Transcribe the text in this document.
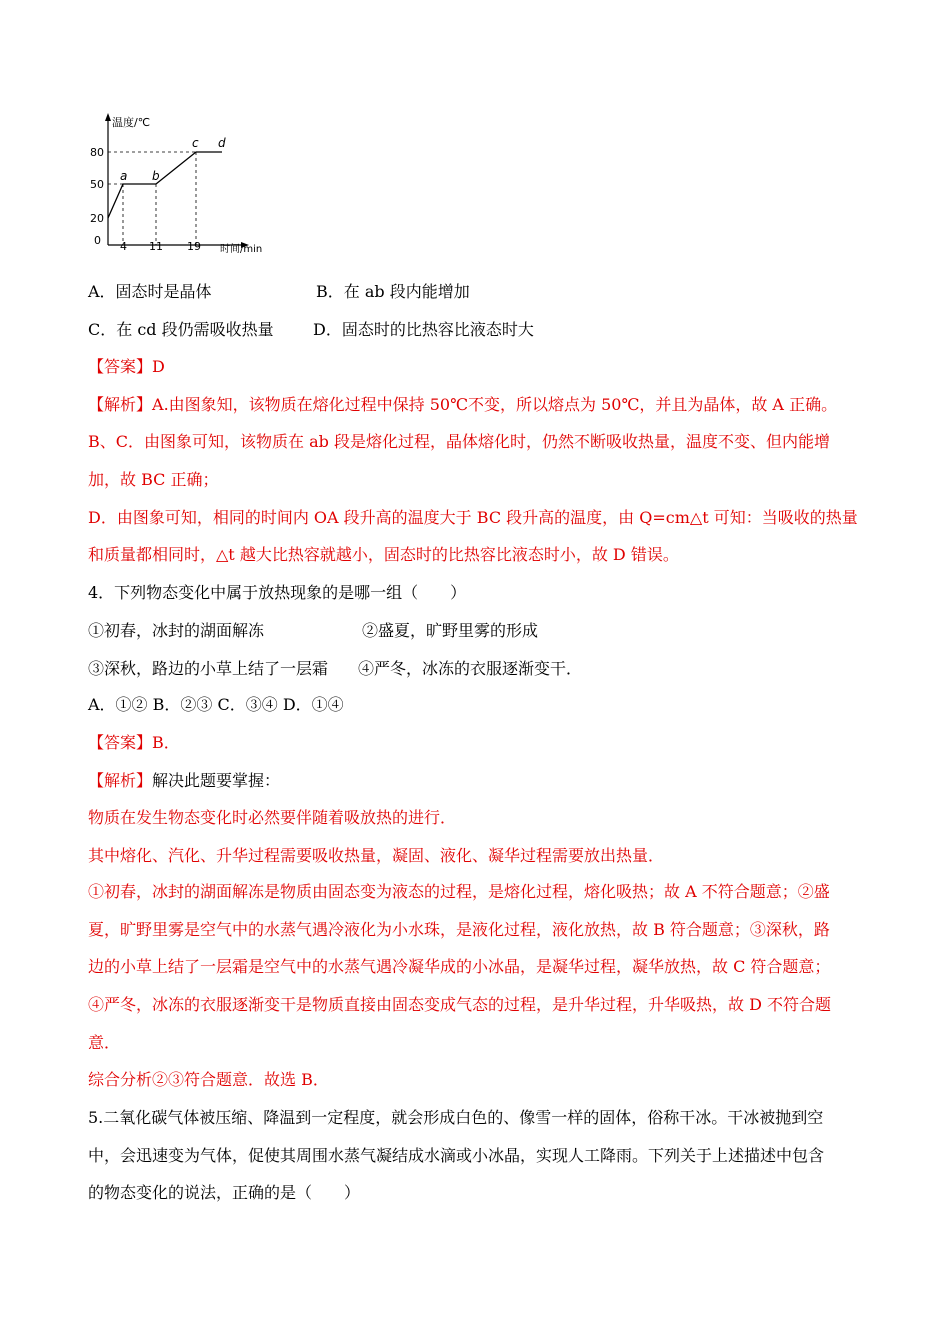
温度/℃
时间/min
0 4 11 19
20
50
80
a b
c d
A．固态时是晶体	B．在 ab 段内能增加
C．在 cd 段仍需吸收热量 D．固态时的比热容比液态时大
【答案】D
【解析】A.由图象知，该物质在熔化过程中保持 50℃不变，所以熔点为 50℃，并且为晶体，故 A 正确。
B、C．由图象可知，该物质在 ab 段是熔化过程，晶体熔化时，仍然不断吸收热量，温度不变、但内能增
加，故 BC 正确；
D．由图象可知，相同的时间内 OA 段升高的温度大于 BC 段升高的温度，由 Q=cm△t 可知：当吸收的热量
和质量都相同时，△t 越大比热容就越小，固态时的比热容比液态时小，故 D 错误。
4．下列物态变化中属于放热现象的是哪一组（　　）
①初春，冰封的湖面解冻	②盛夏，旷野里雾的形成
③深秋，路边的小草上结了一层霜 ④严冬，冰冻的衣服逐渐变干．
A．①② B．②③ C．③④ D．①④
【答案】B．
【解析】解决此题要掌握：
物质在发生物态变化时必然要伴随着吸放热的进行．
其中熔化、汽化、升华过程需要吸收热量，凝固、液化、凝华过程需要放出热量．
①初春，冰封的湖面解冻是物质由固态变为液态的过程，是熔化过程，熔化吸热；故 A 不符合题意；②盛
夏，旷野里雾是空气中的水蒸气遇冷液化为小水珠，是液化过程，液化放热，故 B 符合题意；③深秋，路
边的小草上结了一层霜是空气中的水蒸气遇冷凝华成的小冰晶，是凝华过程，凝华放热，故 C 符合题意；
④严冬，冰冻的衣服逐渐变干是物质直接由固态变成气态的过程，是升华过程，升华吸热，故 D 不符合题
意．
综合分析②③符合题意．故选 B．
5.二氧化碳气体被压缩、降温到一定程度，就会形成白色的、像雪一样的固体，俗称干冰。干冰被抛到空
中，会迅速变为气体，促使其周围水蒸气凝结成水滴或小冰晶，实现人工降雨。下列关于上述描述中包含
的物态变化的说法，正确的是（　　）
